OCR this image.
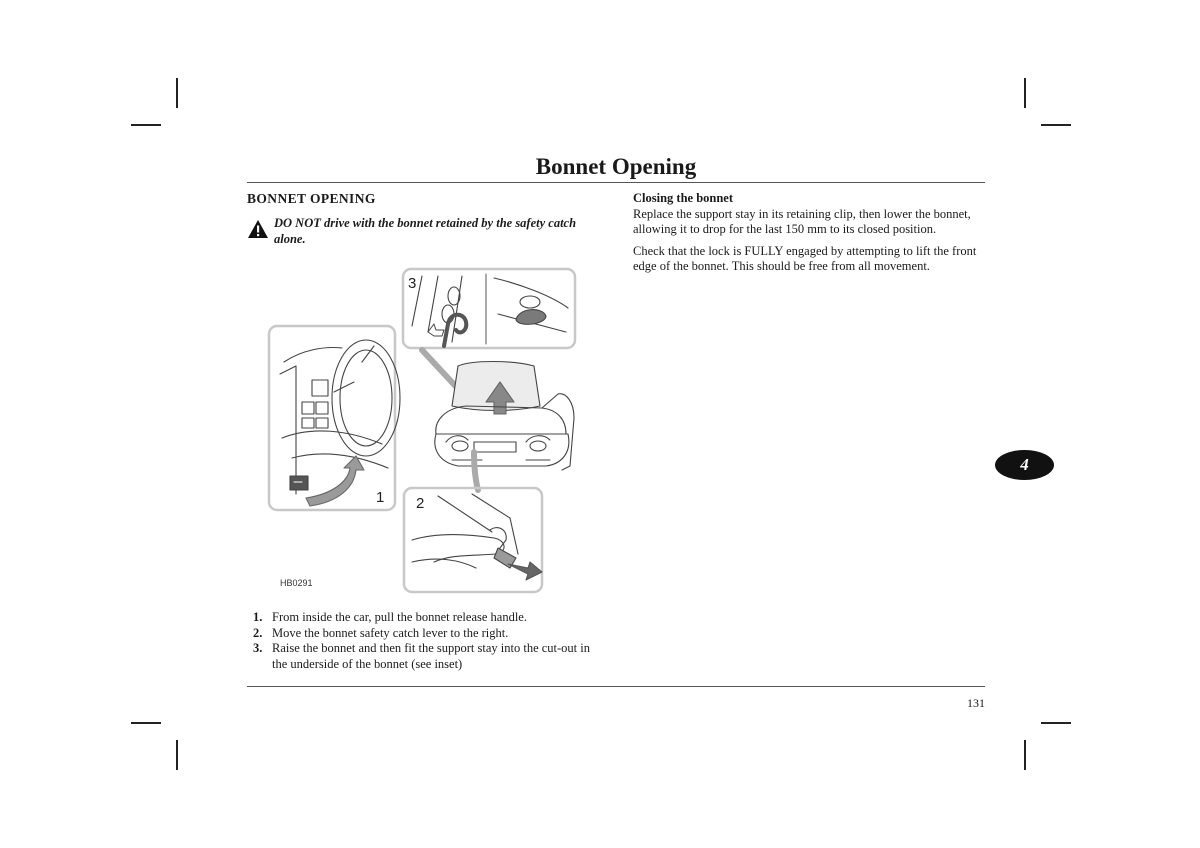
Bonnet Opening
BONNET OPENING
DO NOT drive with the bonnet retained by the safety catch alone.
1
3
2
HB0291
1. From inside the car, pull the bonnet release handle.
2. Move the bonnet safety catch lever to the right.
3. Raise the bonnet and then fit the support stay into the cut-out in the underside of the bonnet (see inset)
Closing the bonnet

Replace the support stay in its retaining clip, then lower the bonnet, allowing it to drop for the last 150 mm to its closed position.

Check that the lock is FULLY engaged by attempting to lift the front edge of the bonnet. This should be free from all movement.

4
131
